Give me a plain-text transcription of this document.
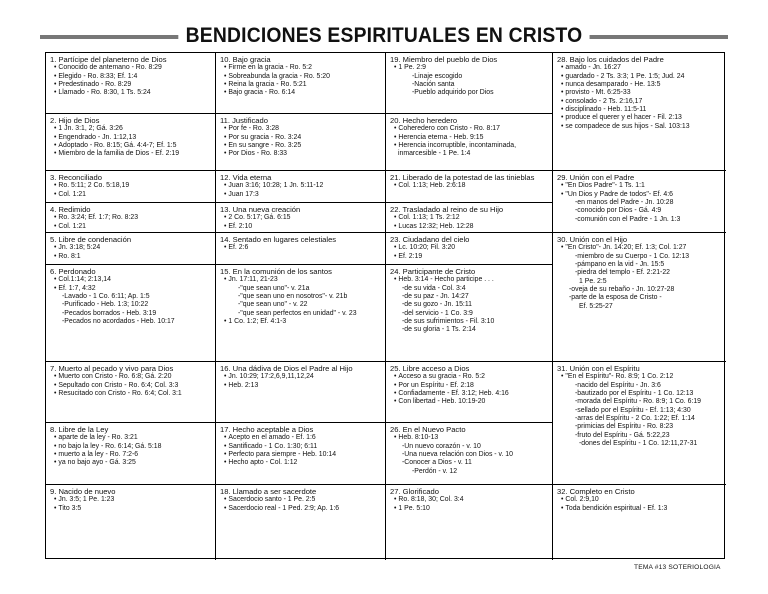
BENDICIONES ESPIRITUALES EN CRISTO
1. Partícipe del planeterno de Dios
• Conocido de antemano - Ro. 8:29
• Elegido - Ro. 8:33; Ef. 1:4
• Predestinado - Ro. 8:29
• Llamado - Ro. 8:30, 1 Ts. 5:24
2. Hijo de Dios
• 1 Jn. 3:1, 2; Gá. 3:26
• Engendrado - Jn. 1:12,13
• Adoptado - Ro. 8:15; Gá. 4:4-7; Ef. 1:5
• Miembro de la familia de Dios - Ef. 2:19
3. Reconciliado
• Ro. 5:11; 2 Co. 5:18,19
• Col. 1:21
4. Redimido
• Ro. 3:24; Ef. 1:7; Ro. 8:23
• Col. 1:21
5. Libre de condenación
• Jn. 3:18; 5:24
• Ro. 8:1
6. Perdonado
• Col.1:14; 2:13,14
• Ef. 1:7, 4:32
-Lavado - 1 Co. 6:11; Ap. 1:5
-Purificado - Heb. 1:3; 10:22
-Pecados borrados - Heb. 3:19
-Pecados no acordados - Heb. 10:17
7. Muerto al pecado y vivo para Dios
• Muerto con Cristo - Ro. 6:8; Gá. 2:20
• Sepultado con Cristo - Ro. 6:4; Col. 3:3
• Resucitado con Cristo - Ro. 6:4; Col. 3:1
8. Libre de la Ley
• aparte de la ley - Ro. 3:21
• no bajo la ley - Ro. 6:14; Gá. 5:18
• muerto a la ley - Ro. 7:2-6
• ya no bajo ayo - Gá. 3:25
9. Nacido de nuevo
• Jn. 3:5; 1 Pe. 1:23
• Tito 3:5
10. Bajo gracia
• Firme en la gracia - Ro. 5:2
• Sobreabunda la gracia - Ro. 5:20
• Reina la gracia - Ro. 5:21
• Bajo gracia - Ro. 6:14
11. Justificado
• Por fe - Ro. 3:28
• Por su gracia - Ro. 3:24
• En su sangre - Ro. 3:25
• Por Dios - Ro. 8:33
12. Vida eterna
• Juan 3:16; 10:28; 1 Jn. 5:11-12
• Juan 17:3
13. Una nueva creación
• 2 Co. 5:17; Gá. 6:15
• Ef. 2:10
14. Sentado en lugares celestiales
• Ef. 2:6
15. En la comunión de los santos
• Jn. 17:11, 21-23
-"que sean uno"- v. 21a
-"que sean uno en nosotros"- v. 21b
-"que sean uno" - v. 22
-"que sean perfectos en unidad" - v. 23
• 1 Co. 1:2; Ef. 4:1-3
16. Una dádiva de Dios el Padre al Hijo
• Jn. 10:29; 17:2,6,9,11,12,24
• Heb. 2:13
17. Hecho aceptable a Dios
• Acepto en el amado - Ef. 1:6
• Santificado - 1 Co. 1:30; 6:11
• Perfecto para siempre - Heb. 10:14
• Hecho apto - Col. 1:12
18. Llamado a ser sacerdote
• Sacerdocio santo - 1 Pe. 2:5
• Sacerdocio real - 1 Ped. 2:9; Ap. 1:6
19. Miembro del pueblo de Dios
• 1 Pe. 2:9
-Linaje escogido
-Nación santa
-Pueblo adquirido por Dios
20. Hecho heredero
• Coheredero con Cristo - Ro. 8:17
• Herencia eterna - Heb. 9:15
• Herencia incorruptible, incontaminada,
inmarcesible - 1 Pe. 1:4
21. Liberado de la potestad de las tinieblas
• Col. 1:13; Heb. 2:6:18
22. Trasladado al reino de su Hijo
• Col. 1:13; 1 Ts. 2:12
• Lucas 12:32; Heb. 12:28
23. Ciudadano del cielo
• Lc. 10:20; Fil. 3:20
• Ef. 2:19
24. Participante de Cristo
• Heb. 3:14 - Hecho participe . . .
-de su vida - Col. 3:4
-de su paz - Jn. 14:27
-de su gozo - Jn. 15:11
-del servicio - 1 Co. 3:9
-de sus sufrimientos - Fil. 3:10
-de su gloria - 1 Ts. 2:14
25. Libre acceso a Dios
• Acceso a su gracia - Ro. 5:2
• Por un Espíritu - Ef. 2:18
• Confiadamente - Ef. 3:12; Heb. 4:16
• Con libertad - Heb. 10:19-20
26. En el Nuevo Pacto
• Heb. 8:10-13
-Un nuevo corazón - v. 10
-Una nueva relación con Dios - v. 10
-Conocer a Dios - v. 11
-Perdón - v. 12
27. Glorificado
• Ro. 8:18, 30; Col. 3:4
• 1 Pe. 5:10
28. Bajo los cuidados del Padre
• amado - Jn. 16:27
• guardado - 2 Ts. 3:3; 1 Pe. 1:5; Jud. 24
• nunca desamparado - He. 13:5
• provisto - Mt. 6:25-33
• consolado - 2 Ts. 2:16,17
• disciplinado - Heb. 11:5-11
• produce el querer y el hacer - Fil. 2:13
• se compadece de sus hijos - Sal. 103:13
29. Unión con el Padre
• "En Dios Padre"- 1 Ts. 1:1
• "Un Dios y Padre de todos"- Ef. 4:6
-en manos del Padre - Jn. 10:28
-conocido por Dios - Gá. 4:9
-comunión con el Padre - 1 Jn. 1:3
30. Unión con el Hijo
• "En Cristo"- Jn. 14:20; Ef. 1:3; Col. 1:27
-miembro de su Cuerpo - 1 Co. 12:13
-pámpano en la vid - Jn. 15:5
-piedra del templo - Ef. 2:21-22
1 Pe. 2:5
-oveja de su rebaño - Jn. 10:27-28
-parte de la esposa de Cristo -
Ef. 5:25-27
31. Unión con el Espíritu
• "En el Espíritu"- Ro. 8:9; 1 Co. 2:12
-nacido del Espíritu - Jn. 3:6
-bautizado por el Espíritu - 1 Co. 12:13
-morada del Espíritu - Ro. 8:9; 1 Co. 6:19
-sellado por el Espíritu - Ef. 1:13; 4:30
-arras del Espíritu - 2 Co. 1:22; Ef. 1:14
-primicias del Espíritu - Ro. 8:23
-fruto del Espíritu - Gá. 5:22,23
-dones del Espíritu - 1 Co. 12:11,27-31
32. Completo en Cristo
• Col. 2:9,10
• Toda bendición espiritual - Ef. 1:3
TEMA #13 SOTERIOLOGIA
